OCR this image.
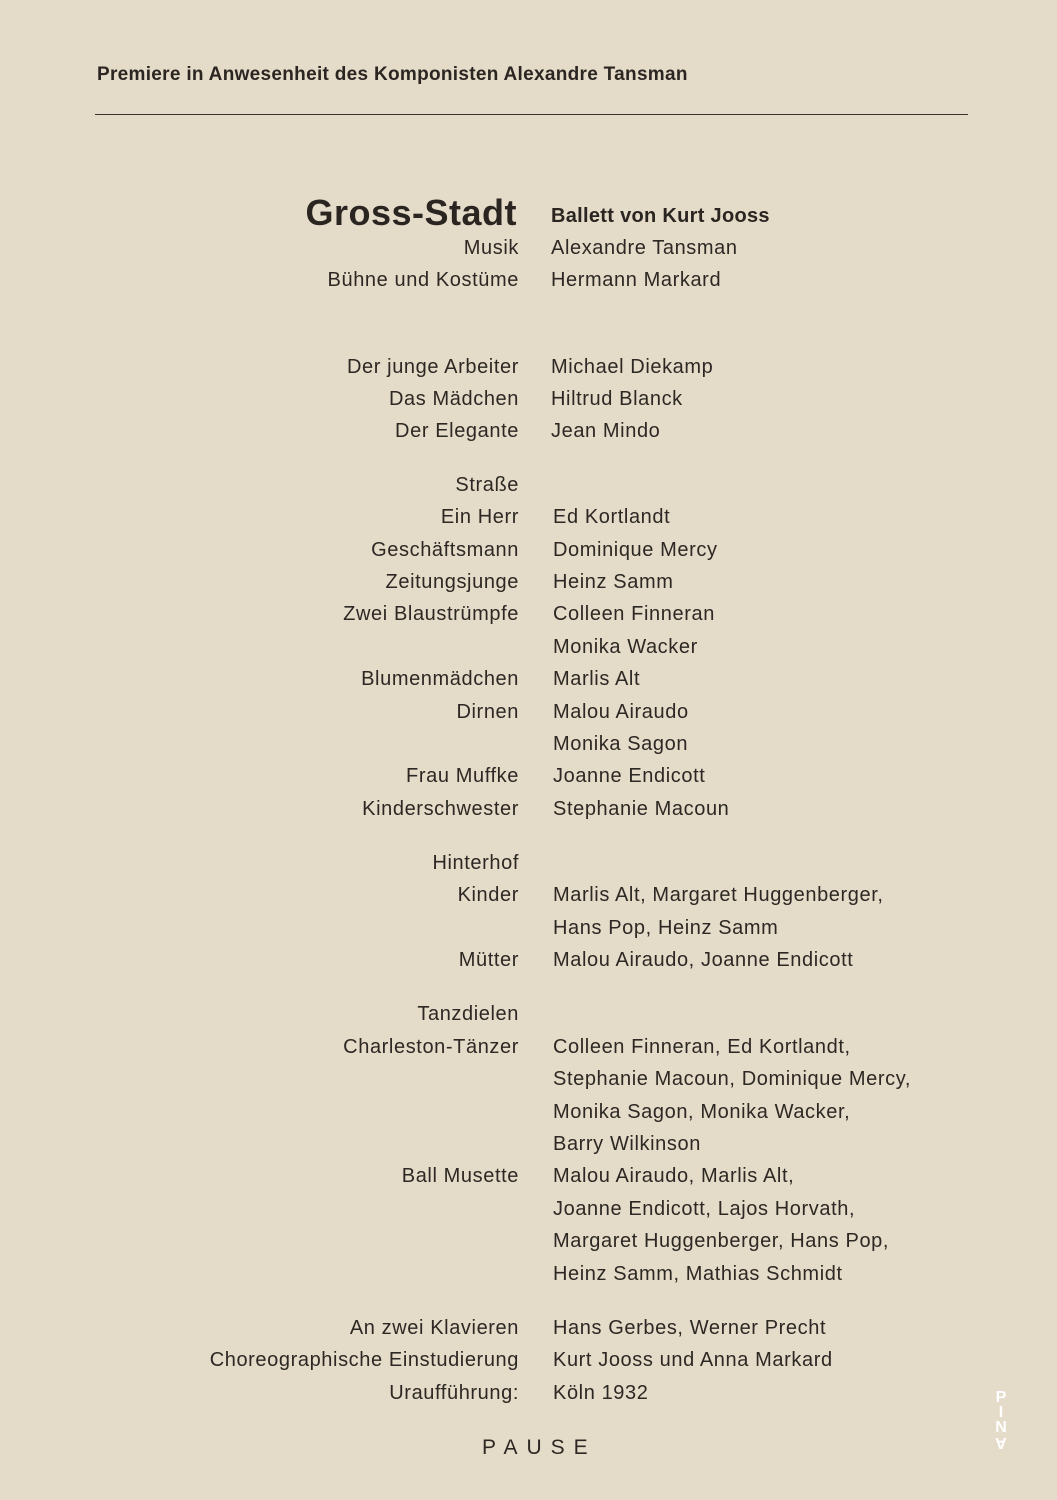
Premiere in Anwesenheit des Komponisten Alexandre Tansman
Gross-Stadt Ballett von Kurt Jooss
Musik Alexandre Tansman
Bühne und Kostüme Hermann Markard
Der junge Arbeiter Michael Diekamp
Das Mädchen Hiltrud Blanck
Der Elegante Jean Mindo
Straße
Ein Herr Ed Kortlandt
Geschäftsmann Dominique Mercy
Zeitungsjunge Heinz Samm
Zwei Blaustrümpfe Colleen Finneran
Monika Wacker
Blumenmädchen Marlis Alt
Dirnen Malou Airaudo
Monika Sagon
Frau Muffke Joanne Endicott
Kinderschwester Stephanie Macoun
Hinterhof
Kinder Marlis Alt, Margaret Huggenberger,
Hans Pop, Heinz Samm
Mütter Malou Airaudo, Joanne Endicott
Tanzdielen
Charleston-Tänzer Colleen Finneran, Ed Kortlandt,
Stephanie Macoun, Dominique Mercy,
Monika Sagon, Monika Wacker,
Barry Wilkinson
Ball Musette Malou Airaudo, Marlis Alt,
Joanne Endicott, Lajos Horvath,
Margaret Huggenberger, Hans Pop,
Heinz Samm, Mathias Schmidt
An zwei Klavieren Hans Gerbes, Werner Precht
Choreographische Einstudierung Kurt Jooss und Anna Markard
Uraufführung: Köln 1932
PAUSE
P
I
N
A
